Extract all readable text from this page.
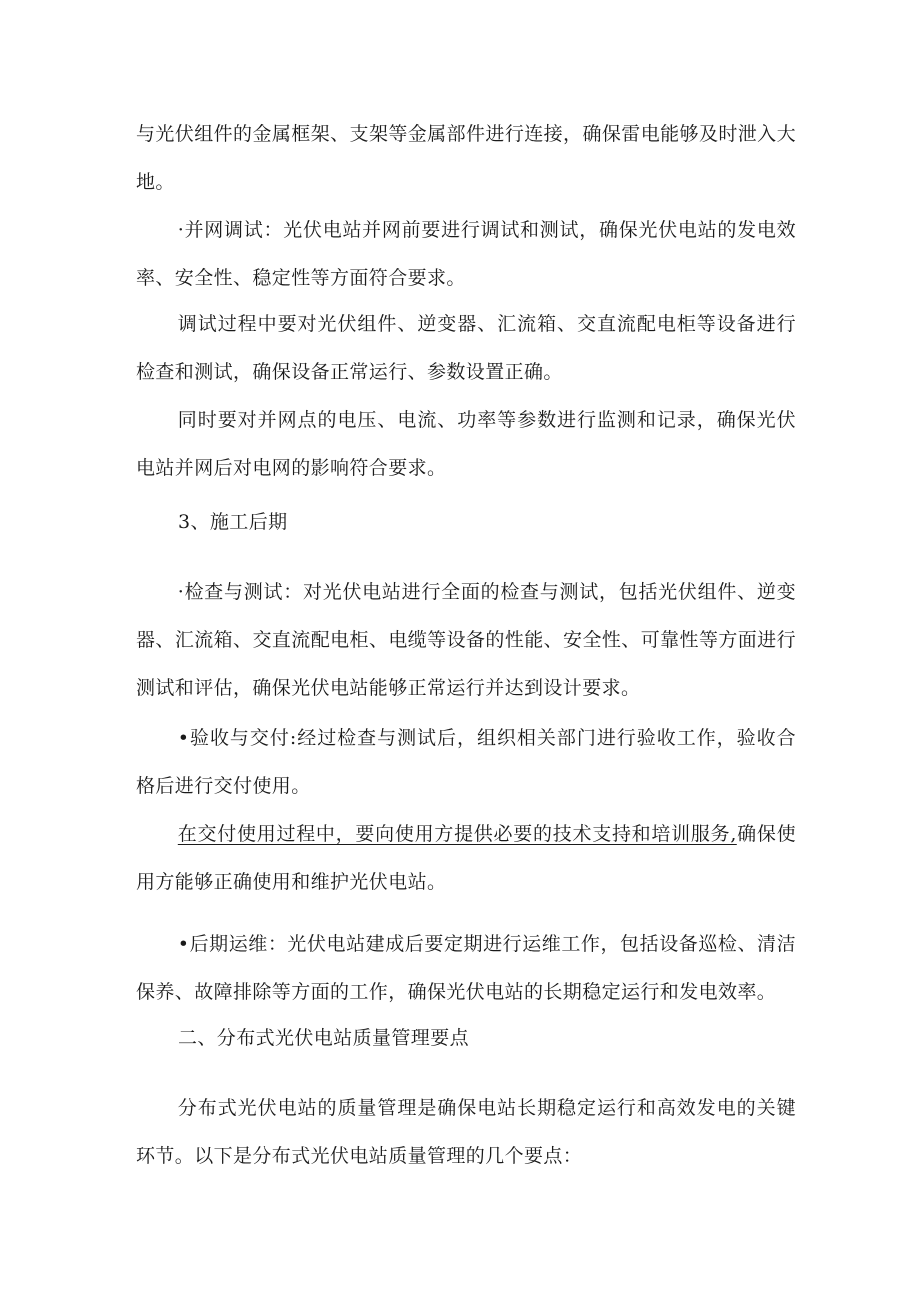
与光伏组件的金属框架、支架等金属部件进行连接，确保雷电能够及时泄入大地。

·并网调试：光伏电站并网前要进行调试和测试，确保光伏电站的发电效率、安全性、稳定性等方面符合要求。

调试过程中要对光伏组件、逆变器、汇流箱、交直流配电柜等设备进行检查和测试，确保设备正常运行、参数设置正确。

同时要对并网点的电压、电流、功率等参数进行监测和记录，确保光伏电站并网后对电网的影响符合要求。

3、施工后期

·检查与测试：对光伏电站进行全面的检查与测试，包括光伏组件、逆变器、汇流箱、交直流配电柜、电缆等设备的性能、安全性、可靠性等方面进行测试和评估，确保光伏电站能够正常运行并达到设计要求。

•验收与交付:经过检查与测试后，组织相关部门进行验收工作，验收合格后进行交付使用。

在交付使用过程中，要向使用方提供必要的技术支持和培训服务,确保使用方能够正确使用和维护光伏电站。

•后期运维：光伏电站建成后要定期进行运维工作，包括设备巡检、清洁保养、故障排除等方面的工作，确保光伏电站的长期稳定运行和发电效率。

二、分布式光伏电站质量管理要点

分布式光伏电站的质量管理是确保电站长期稳定运行和高效发电的关键环节。以下是分布式光伏电站质量管理的几个要点：
